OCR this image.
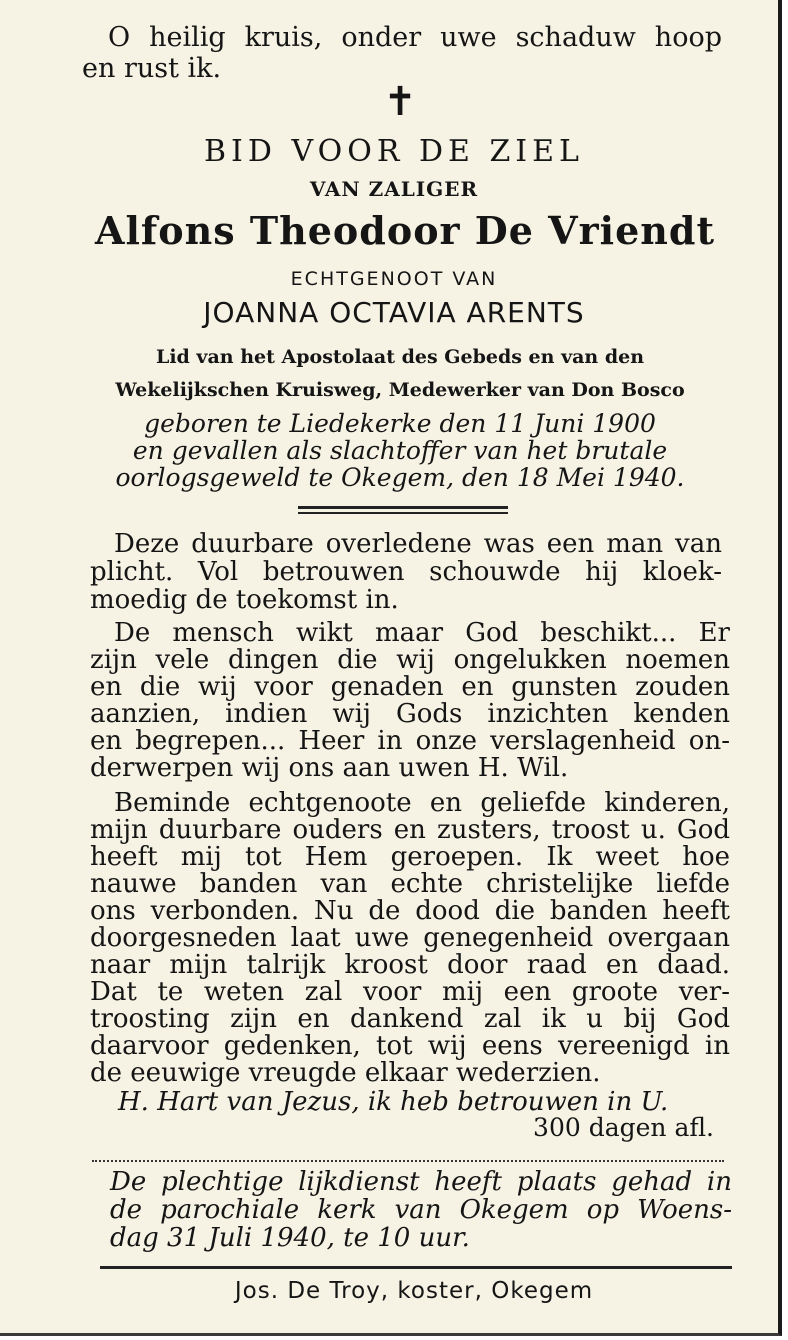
O heilig kruis, onder uwe schaduw hoop
en rust ik.
✝
BID VOOR DE ZIEL
VAN ZALIGER
Alfons Theodoor De Vriendt
ECHTGENOOT VAN
JOANNA OCTAVIA ARENTS
Lid van het Apostolaat des Gebeds en van den
Wekelijkschen Kruisweg, Medewerker van Don Bosco
geboren te Liedekerke den 11 Juni 1900
en gevallen als slachtoffer van het brutale
oorlogsgeweld te Okegem, den 18 Mei 1940.
Deze duurbare overledene was een man van
plicht. Vol betrouwen schouwde hij kloek-
moedig de toekomst in.
De mensch wikt maar God beschikt... Er
zijn vele dingen die wij ongelukken noemen
en die wij voor genaden en gunsten zouden
aanzien, indien wij Gods inzichten kenden
en begrepen... Heer in onze verslagenheid on-
derwerpen wij ons aan uwen H. Wil.
Beminde echtgenoote en geliefde kinderen,
mijn duurbare ouders en zusters, troost u. God
heeft mij tot Hem geroepen. Ik weet hoe
nauwe banden van echte christelijke liefde
ons verbonden. Nu de dood die banden heeft
doorgesneden laat uwe genegenheid overgaan
naar mijn talrijk kroost door raad en daad.
Dat te weten zal voor mij een groote ver-
troosting zijn en dankend zal ik u bij God
daarvoor gedenken, tot wij eens vereenigd in
de eeuwige vreugde elkaar wederzien.
H. Hart van Jezus, ik heb betrouwen in U.
300 dagen afl.
De plechtige lijkdienst heeft plaats gehad in
de parochiale kerk van Okegem op Woens-
dag 31 Juli 1940, te 10 uur.
Jos. De Troy, koster, Okegem
